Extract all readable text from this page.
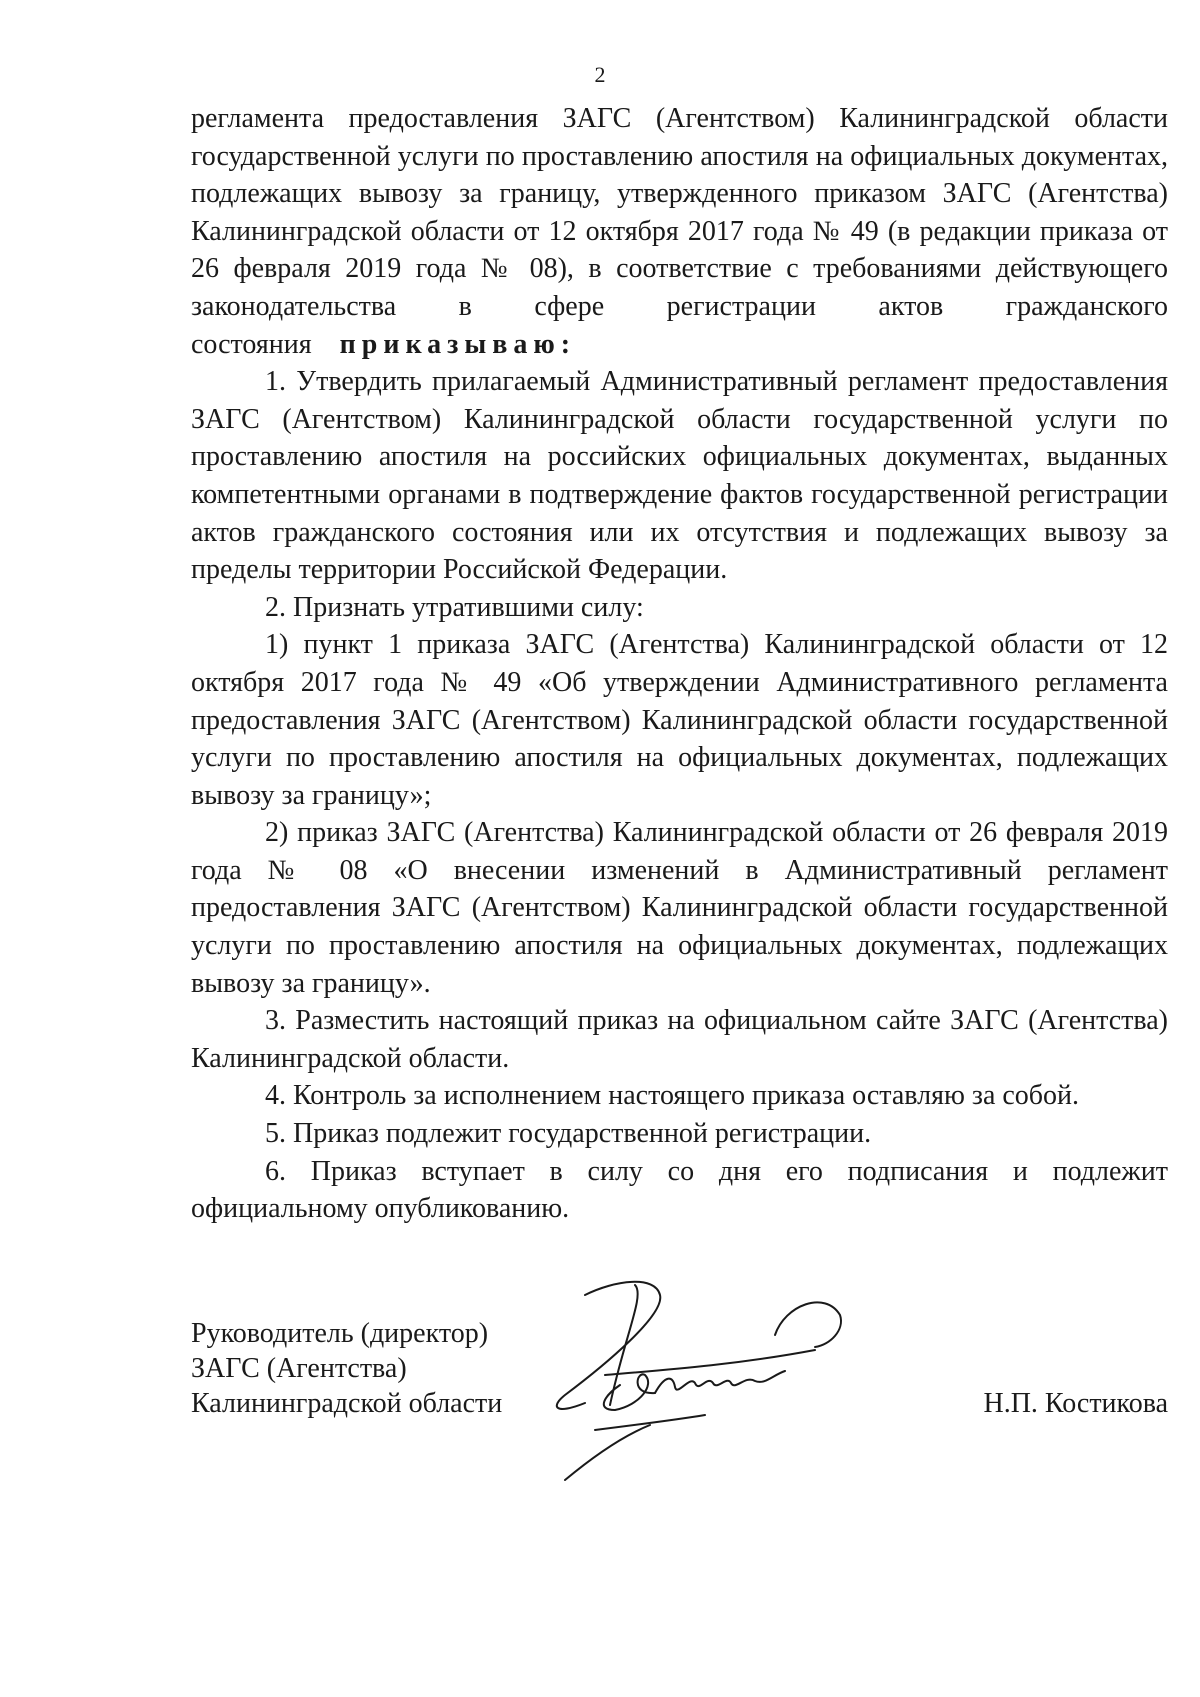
2

регламента предоставления ЗАГС (Агентством) Калининградской области государственной услуги по проставлению апостиля на официальных документах, подлежащих вывозу за границу, утвержденного приказом ЗАГС (Агентства) Калининградской области от 12 октября 2017 года № 49 (в редакции приказа от 26 февраля 2019 года № 08), в соответствие с требованиями действующего законодательства в сфере регистрации актов гражданского состояния приказываю:

1. Утвердить прилагаемый Административный регламент предоставления ЗАГС (Агентством) Калининградской области государственной услуги по проставлению апостиля на российских официальных документах, выданных компетентными органами в подтверждение фактов государственной регистрации актов гражданского состояния или их отсутствия и подлежащих вывозу за пределы территории Российской Федерации.

2. Признать утратившими силу:

1) пункт 1 приказа ЗАГС (Агентства) Калининградской области от 12 октября 2017 года № 49 «Об утверждении Административного регламента предоставления ЗАГС (Агентством) Калининградской области государственной услуги по проставлению апостиля на официальных документах, подлежащих вывозу за границу»;

2) приказ ЗАГС (Агентства) Калининградской области от 26 февраля 2019 года № 08 «О внесении изменений в Административный регламент предоставления ЗАГС (Агентством) Калининградской области государственной услуги по проставлению апостиля на официальных документах, подлежащих вывозу за границу».

3. Разместить настоящий приказ на официальном сайте ЗАГС (Агентства) Калининградской области.

4. Контроль за исполнением настоящего приказа оставляю за собой.

5. Приказ подлежит государственной регистрации.

6. Приказ вступает в силу со дня его подписания и подлежит официальному опубликованию.

Руководитель (директор)
ЗАГС (Агентства)
Калининградской области	Н.П. Костикова
